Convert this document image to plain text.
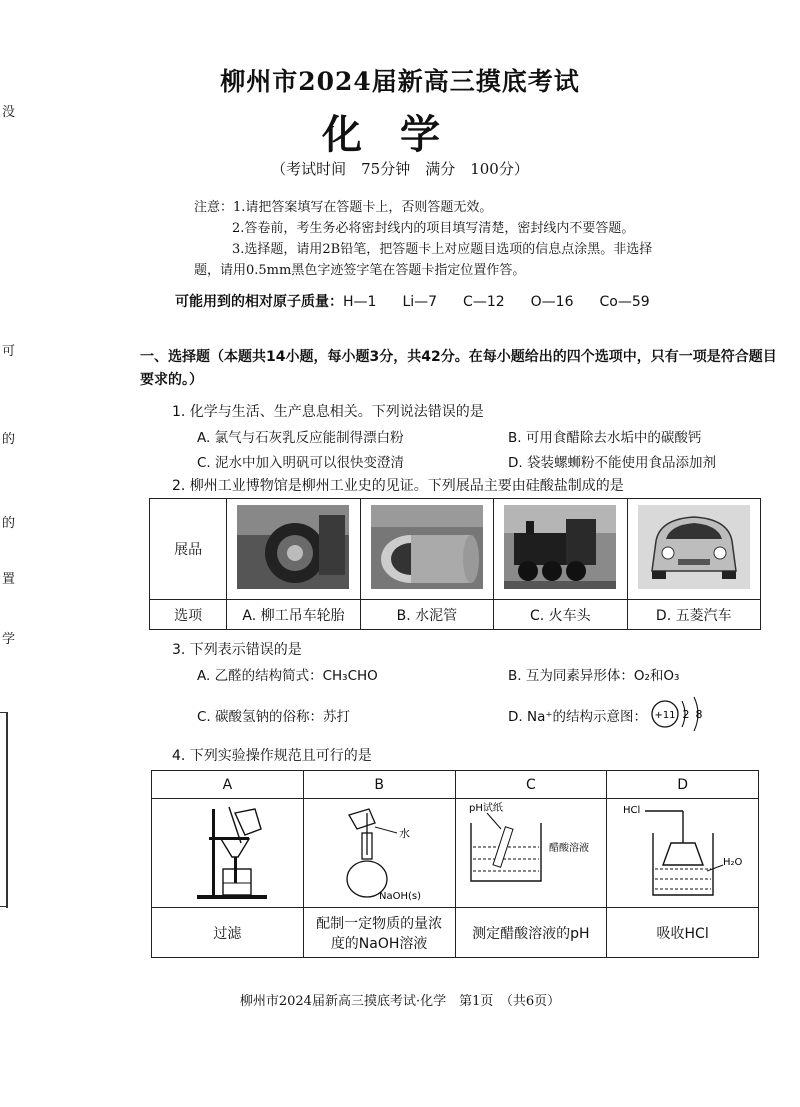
没
可
的
的
置
学
柳州市2024届新高三摸底考试
化学
（考试时间　75分钟　满分　100分）
注意：1.请把答案填写在答题卡上，否则答题无效。
2.答卷前，考生务必将密封线内的项目填写清楚，密封线内不要答题。
3.选择题，请用2B铅笔，把答题卡上对应题目选项的信息点涂黑。非选择
题，请用0.5mm黑色字迹签字笔在答题卡指定位置作答。
可能用到的相对原子质量：H—1 Li—7 C—12 O—16 Co—59
一、选择题（本题共14小题，每小题3分，共42分。在每小题给出的四个选项中，只有一项是符合题目要求的。）
1. 化学与生活、生产息息相关。下列说法错误的是
A. 氯气与石灰乳反应能制得漂白粉	B. 可用食醋除去水垢中的碳酸钙
C. 泥水中加入明矾可以很快变澄清	D. 袋装螺蛳粉不能使用食品添加剂
2. 柳州工业博物馆是柳州工业史的见证。下列展品主要由硅酸盐制成的是
展品				
选项	A. 柳工吊车轮胎	B. 水泥管	C. 火车头	D. 五菱汽车
3. 下列表示错误的是
A. 乙醛的结构简式：CH₃CHO	B. 互为同素异形体：O₂和O₃
C. 碳酸氢钠的俗称：苏打	D. Na⁺的结构示意图： +11 2 8
4. 下列实验操作规范且可行的是
A	B	C	D

水
NaOH(s)	pH试纸
醋酸溶液	HCl
H₂O

过滤	配制一定物质的量浓度的NaOH溶液	测定醋酸溶液的pH	吸收HCl
柳州市2024届新高三摸底考试·化学　第1页　（共6页）
